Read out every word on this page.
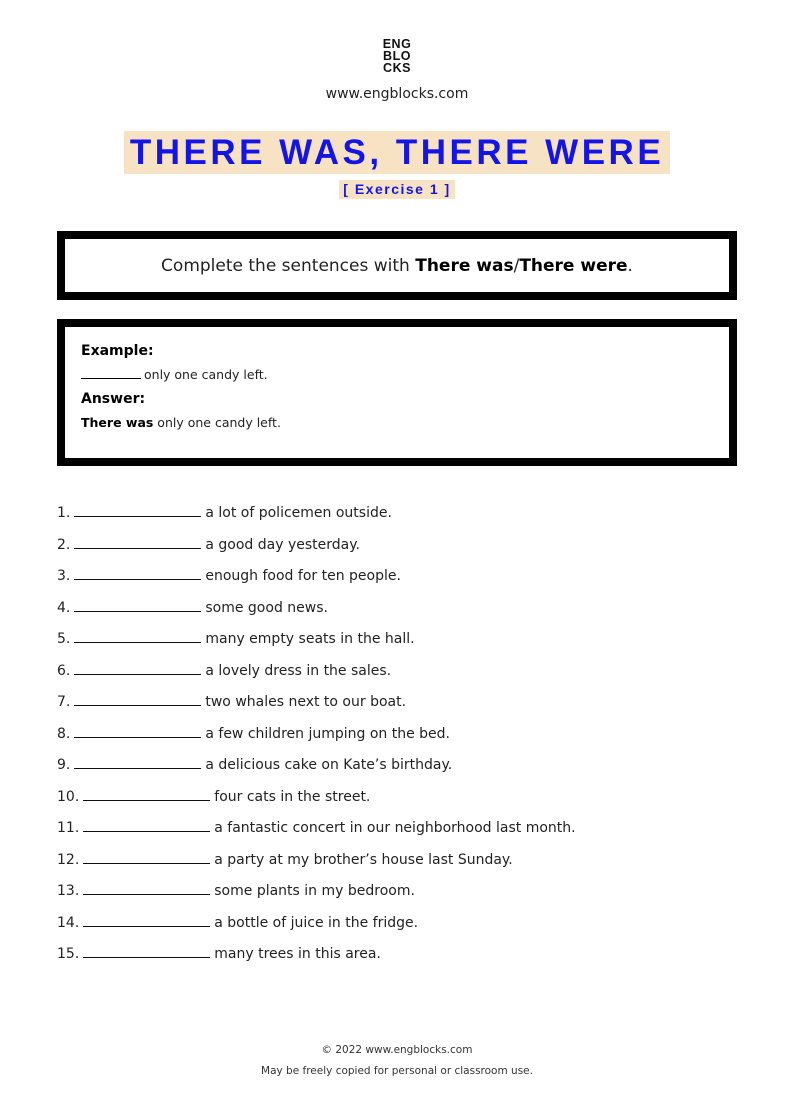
ENG
BLO
CKS
www.engblocks.com
THERE WAS, THERE WERE
[ Exercise 1 ]
Complete the sentences with There was/There were.
Example:
only one candy left.
Answer:
There was only one candy left.
1.	a lot of policemen outside.
2.	a good day yesterday.
3.	enough food for ten people.
4.	some good news.
5.	many empty seats in the hall.
6.	a lovely dress in the sales.
7.	two whales next to our boat.
8.	a few children jumping on the bed.
9.	a delicious cake on Kate’s birthday.
10.	four cats in the street.
11.	a fantastic concert in our neighborhood last month.
12.	a party at my brother’s house last Sunday.
13.	some plants in my bedroom.
14.	a bottle of juice in the fridge.
15.	many trees in this area.
© 2022 www.engblocks.com
May be freely copied for personal or classroom use.
